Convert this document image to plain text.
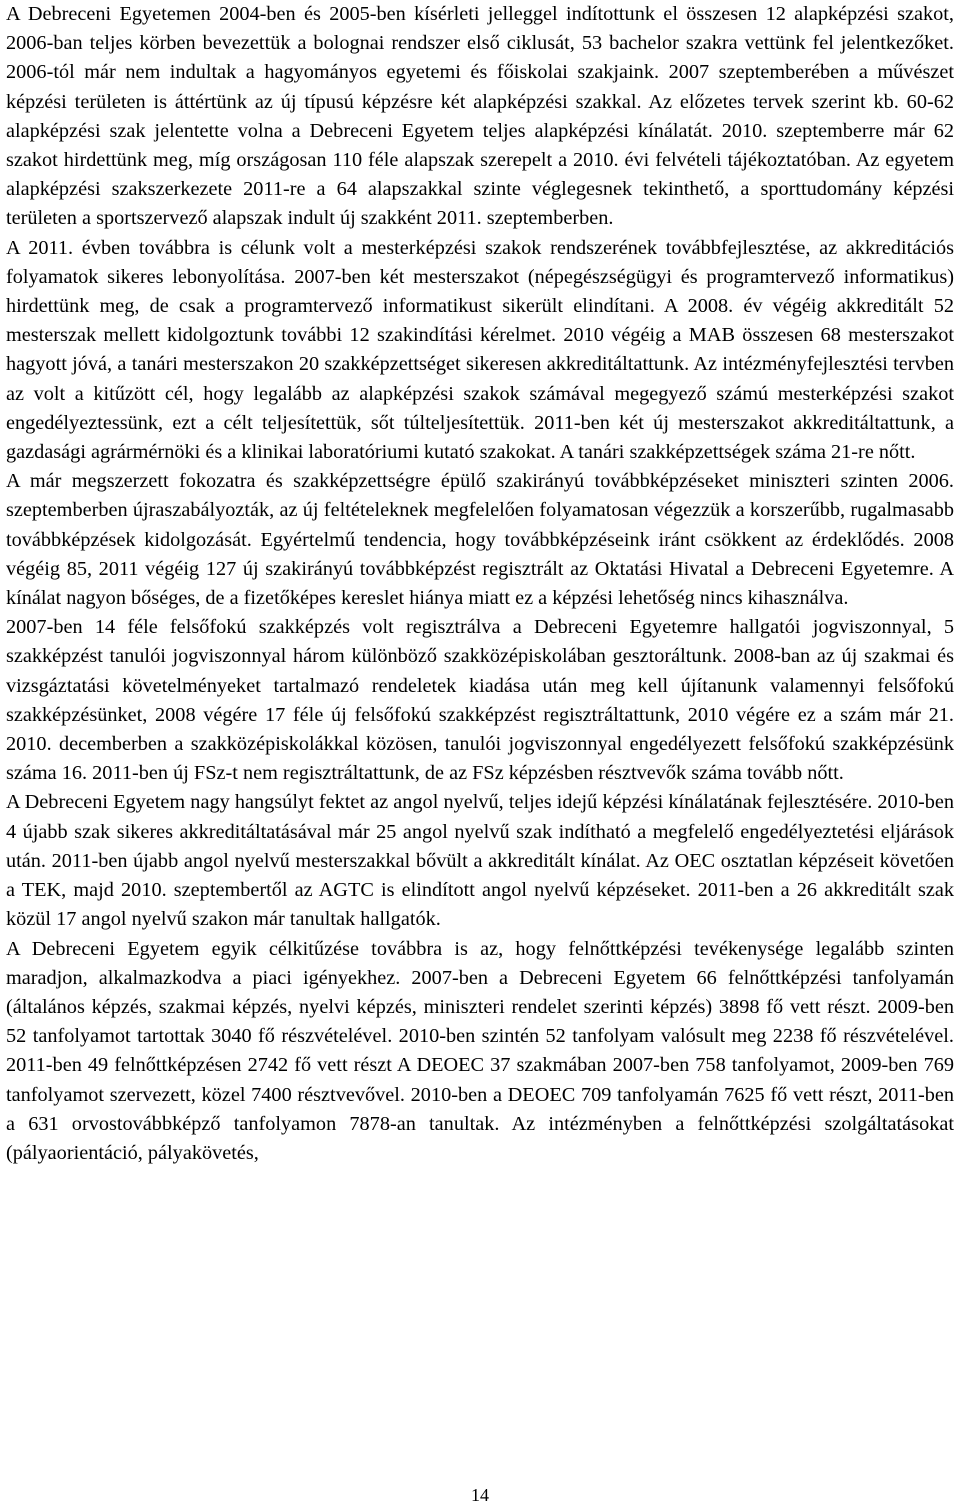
A Debreceni Egyetemen 2004-ben és 2005-ben kísérleti jelleggel indítottunk el összesen 12 alapképzési szakot, 2006-ban teljes körben bevezettük a bolognai rendszer első ciklusát, 53 bachelor szakra vettünk fel jelentkezőket. 2006-tól már nem indultak a hagyományos egyetemi és főiskolai szakjaink. 2007 szeptemberében a művészet képzési területen is áttértünk az új típusú képzésre két alapképzési szakkal. Az előzetes tervek szerint kb. 60-62 alapképzési szak jelentette volna a Debreceni Egyetem teljes alapképzési kínálatát. 2010. szeptemberre már 62 szakot hirdettünk meg, míg országosan 110 féle alapszak szerepelt a 2010. évi felvételi tájékoztatóban. Az egyetem alapképzési szakszerkezete 2011-re a 64 alapszakkal szinte véglegesnek tekinthető, a sporttudomány képzési területen a sportszervező alapszak indult új szakként 2011. szeptemberben.

A 2011. évben továbbra is célunk volt a mesterképzési szakok rendszerének továbbfejlesztése, az akkreditációs folyamatok sikeres lebonyolítása. 2007-ben két mesterszakot (népegészségügyi és programtervező informatikus) hirdettünk meg, de csak a programtervező informatikust sikerült elindítani. A 2008. év végéig akkreditált 52 mesterszak mellett kidolgoztunk további 12 szakindítási kérelmet. 2010 végéig a MAB összesen 68 mesterszakot hagyott jóvá, a tanári mesterszakon 20 szakképzettséget sikeresen akkreditáltattunk. Az intézményfejlesztési tervben az volt a kitűzött cél, hogy legalább az alapképzési szakok számával megegyező számú mesterképzési szakot engedélyeztessünk, ezt a célt teljesítettük, sőt túlteljesítettük. 2011-ben két új mesterszakot akkreditáltattunk, a gazdasági agrármérnöki és a klinikai laboratóriumi kutató szakokat. A tanári szakképzettségek száma 21-re nőtt.

A már megszerzett fokozatra és szakképzettségre épülő szakirányú továbbképzéseket miniszteri szinten 2006. szeptemberben újraszabályozták, az új feltételeknek megfelelően folyamatosan végezzük a korszerűbb, rugalmasabb továbbképzések kidolgozását. Egyértelmű tendencia, hogy továbbképzéseink iránt csökkent az érdeklődés. 2008 végéig 85, 2011 végéig 127 új szakirányú továbbképzést regisztrált az Oktatási Hivatal a Debreceni Egyetemre. A kínálat nagyon bőséges, de a fizetőképes kereslet hiánya miatt ez a képzési lehetőség nincs kihasználva.

2007-ben 14 féle felsőfokú szakképzés volt regisztrálva a Debreceni Egyetemre hallgatói jogviszonnyal, 5 szakképzést tanulói jogviszonnyal három különböző szakközépiskolában gesztoráltunk. 2008-ban az új szakmai és vizsgáztatási követelményeket tartalmazó rendeletek kiadása után meg kell újítanunk valamennyi felsőfokú szakképzésünket, 2008 végére 17 féle új felsőfokú szakképzést regisztráltattunk, 2010 végére ez a szám már 21. 2010. decemberben a szakközépiskolákkal közösen, tanulói jogviszonnyal engedélyezett felsőfokú szakképzésünk száma 16. 2011-ben új FSz-t nem regisztráltattunk, de az FSz képzésben résztvevők száma tovább nőtt.

A Debreceni Egyetem nagy hangsúlyt fektet az angol nyelvű, teljes idejű képzési kínálatának fejlesztésére. 2010-ben 4 újabb szak sikeres akkreditáltatásával már 25 angol nyelvű szak indítható a megfelelő engedélyeztetési eljárások után. 2011-ben újabb angol nyelvű mesterszakkal bővült a akkreditált kínálat. Az OEC osztatlan képzéseit követően a TEK, majd 2010. szeptembertől az AGTC is elindított angol nyelvű képzéseket. 2011-ben a 26 akkreditált szak közül 17 angol nyelvű szakon már tanultak hallgatók.

A Debreceni Egyetem egyik célkitűzése továbbra is az, hogy felnőttképzési tevékenysége legalább szinten maradjon, alkalmazkodva a piaci igényekhez. 2007-ben a Debreceni Egyetem 66 felnőttképzési tanfolyamán (általános képzés, szakmai képzés, nyelvi képzés, miniszteri rendelet szerinti képzés) 3898 fő vett részt. 2009-ben 52 tanfolyamot tartottak 3040 fő részvételével. 2010-ben szintén 52 tanfolyam valósult meg 2238 fő részvételével. 2011-ben 49 felnőttképzésen 2742 fő vett részt A DEOEC 37 szakmában 2007-ben 758 tanfolyamot, 2009-ben 769 tanfolyamot szervezett, közel 7400 résztvevővel. 2010-ben a DEOEC 709 tanfolyamán 7625 fő vett részt, 2011-ben a 631 orvostovábbképző tanfolyamon 7878-an tanultak. Az intézményben a felnőttképzési szolgáltatásokat (pályaorientáció, pályakövetés,

14
